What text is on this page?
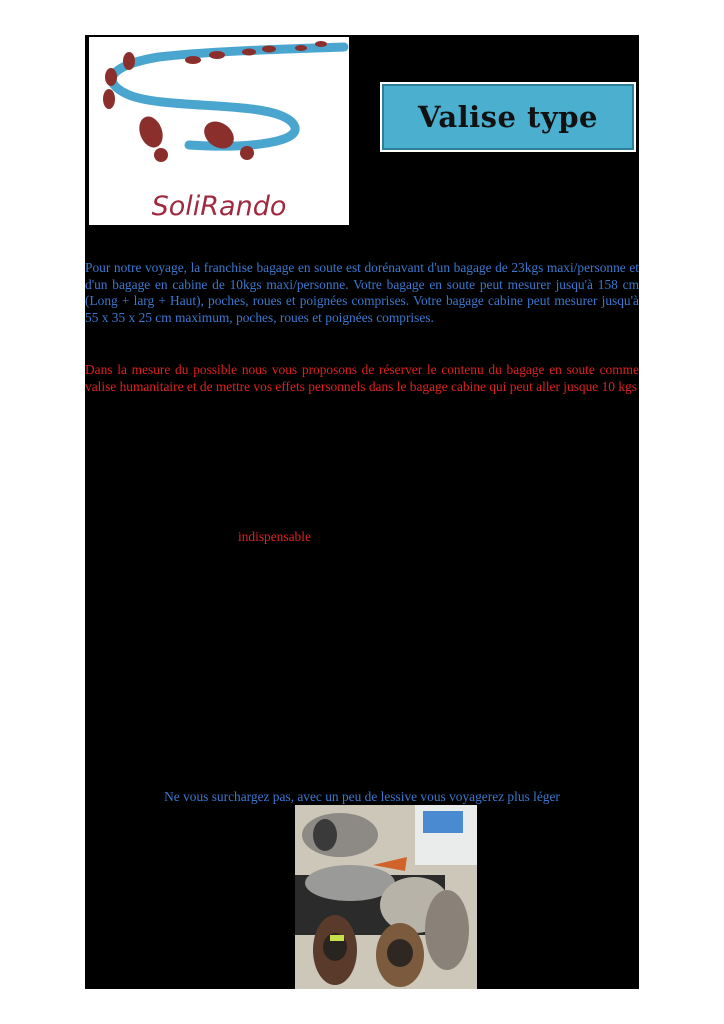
SoliRando
Valise type

Pour notre voyage, la franchise bagage en soute est dorénavant d'un bagage de 23kgs maxi/personne et d'un bagage en cabine de 10kgs maxi/personne. Votre bagage en soute peut mesurer jusqu'à 158 cm (Long + larg + Haut), poches, roues et poignées comprises. Votre bagage cabine peut mesurer jusqu'à 55 x 35 x 25 cm maximum, poches, roues et poignées comprises.

Dans la mesure du possible nous vous proposons de réserver le contenu du bagage en soute comme valise humanitaire et de mettre vos effets personnels dans le bagage cabine qui peut aller jusque 10 kgs

indispensable
Ne vous surchargez pas, avec un peu de lessive vous voyagerez plus léger
